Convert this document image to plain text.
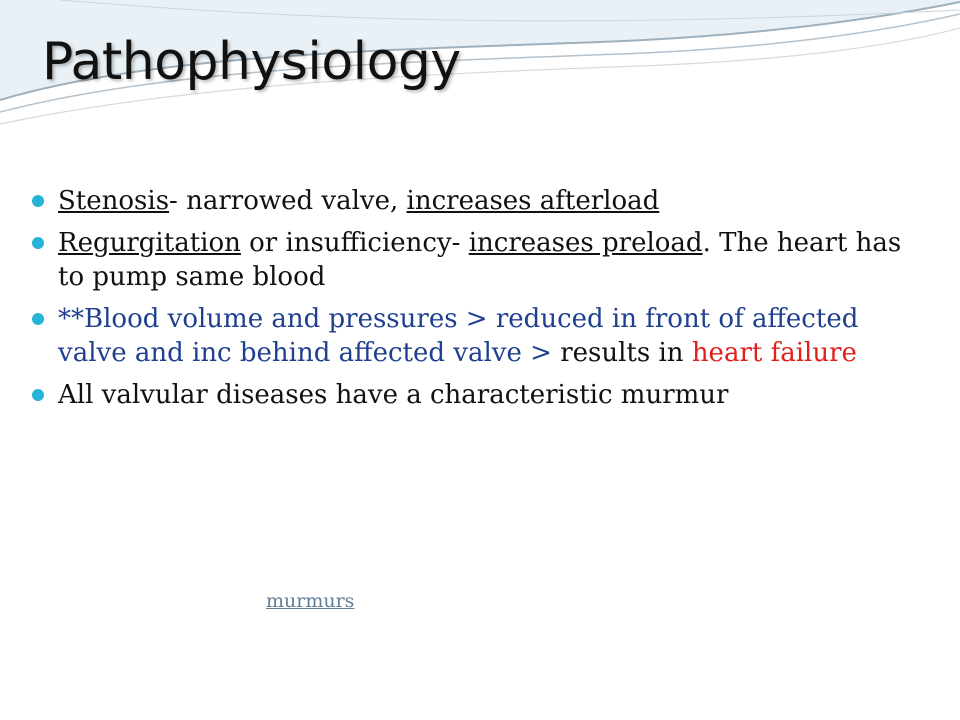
Pathophysiology
Stenosis- narrowed valve, increases afterload
Regurgitation or insufficiency- increases preload. The heart has to pump same blood
**Blood volume and pressures > reduced in front of affected valve and inc behind affected valve > results in heart failure
All valvular diseases have a characteristic murmur
murmurs
